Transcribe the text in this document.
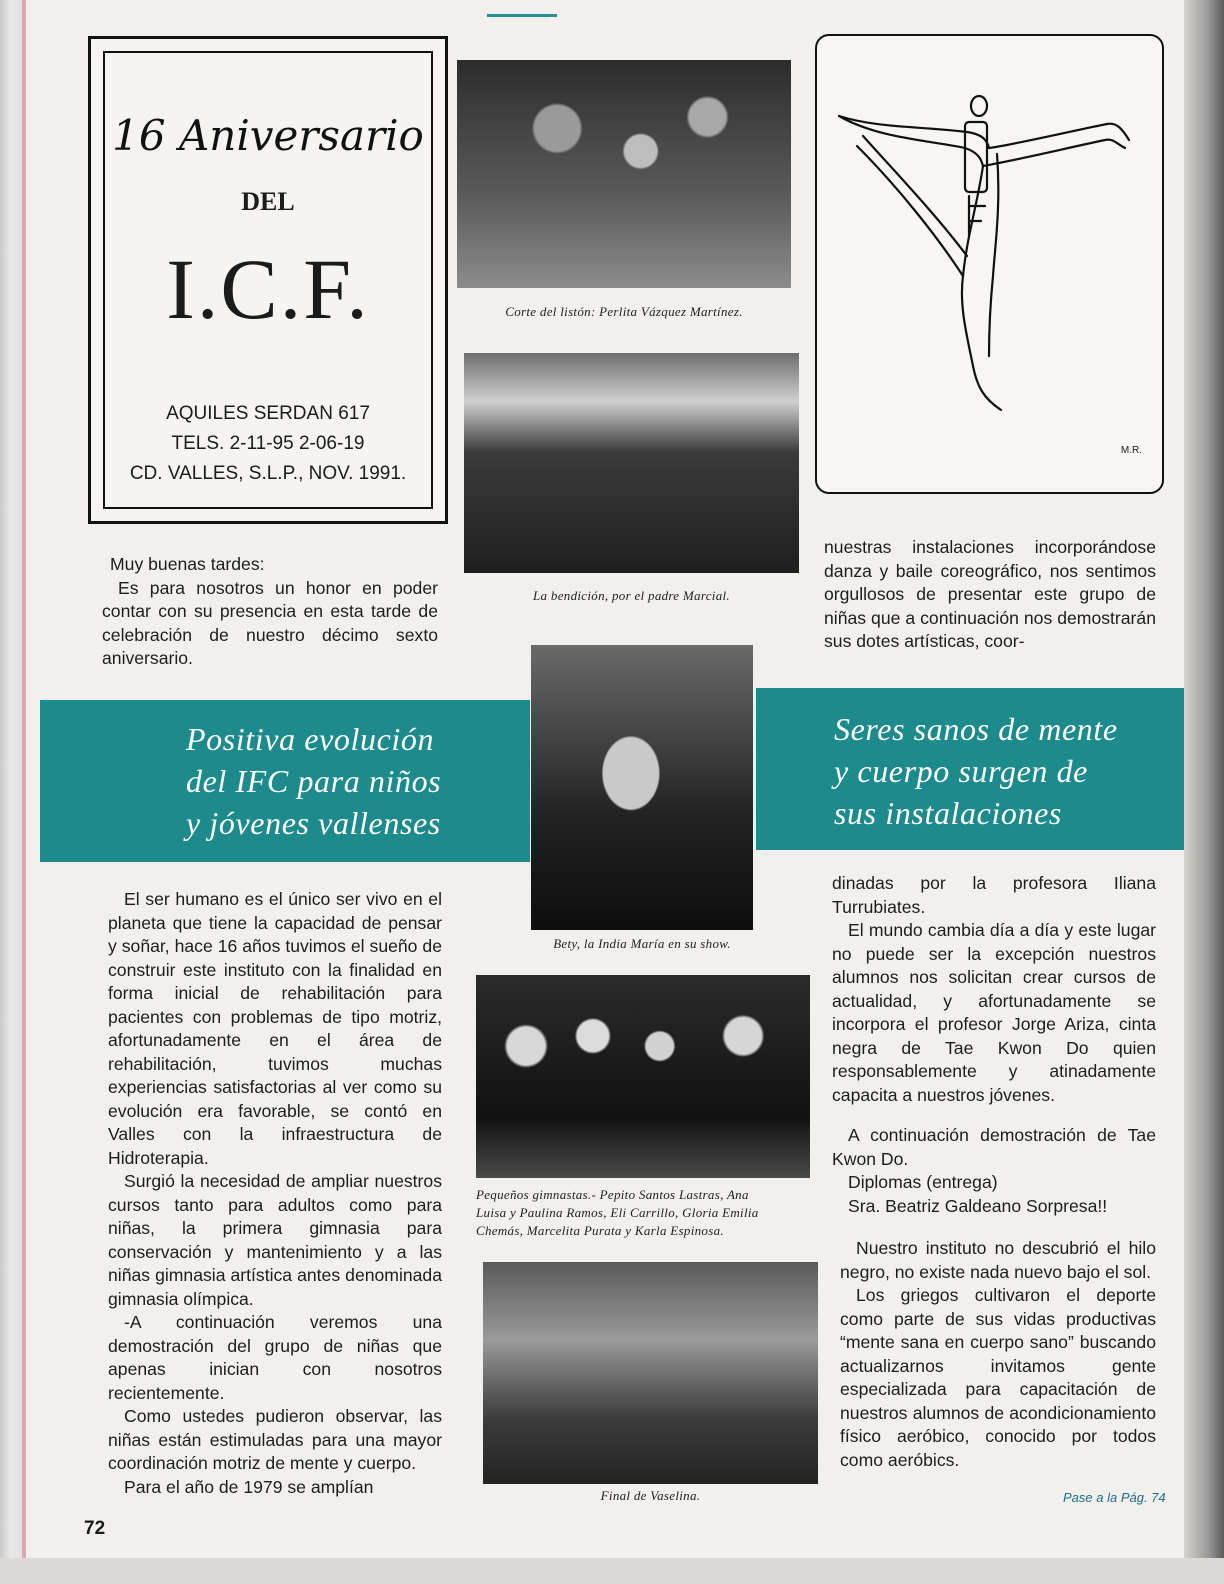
16 Aniversario
DEL
I.C.F.
AQUILES SERDAN 617
TELS. 2-11-95 2-06-19
CD. VALLES, S.L.P., NOV. 1991.
Corte del listón: Perlita Vázquez Martínez.
La bendición, por el padre Marcial.
Bety, la India María en su show.
Pequeños gimnastas.- Pepito Santos Lastras, Ana
Luisa y Paulina Ramos, Eli Carrillo, Gloria Emilia
Chemás, Marcelita Purata y Karla Espinosa.
Final de Vaselina.
M.R.

Muy buenas tardes:

Es para nosotros un honor en poder contar con su presencia en esta tarde de celebración de nuestro décimo sexto aniversario.

nuestras instalaciones incorporándose danza y baile coreográfico, nos sentimos orgullosos de presentar este grupo de niñas que a continuación nos demostrarán sus dotes artísticas, coor-

Positiva evolución
del IFC para niños
y jóvenes vallenses
Seres sanos de mente
y cuerpo surgen de
sus instalaciones

El ser humano es el único ser vivo en el planeta que tiene la capacidad de pensar y soñar, hace 16 años tuvimos el sueño de construir este instituto con la finalidad en forma inicial de rehabilitación para pacientes con problemas de tipo motriz, afortunadamente en el área de rehabilitación, tuvimos muchas experiencias satisfactorias al ver como su evolución era favorable, se contó en Valles con la infraestructura de Hidroterapia.

Surgió la necesidad de ampliar nuestros cursos tanto para adultos como para niñas, la primera gimnasia para conservación y mantenimiento y a las niñas gimnasia artística antes denominada gimnasia olímpica.

-A continuación veremos una demostración del grupo de niñas que apenas inician con nosotros recientemente.

Como ustedes pudieron observar, las niñas están estimuladas para una mayor coordinación motriz de mente y cuerpo.

Para el año de 1979 se amplían

dinadas por la profesora Iliana Turrubiates.

El mundo cambia día a día y este lugar no puede ser la excepción nuestros alumnos nos solicitan crear cursos de actualidad, y afortunadamente se incorpora el profesor Jorge Ariza, cinta negra de Tae Kwon Do quien responsablemente y atinadamente capacita a nuestros jóvenes.

A continuación demostración de Tae Kwon Do.

Diplomas (entrega)

Sra. Beatriz Galdeano Sorpresa!!

Nuestro instituto no descubrió el hilo negro, no existe nada nuevo bajo el sol.

Los griegos cultivaron el deporte como parte de sus vidas productivas “mente sana en cuerpo sano” buscando actualizarnos invitamos gente especializada para capacitación de nuestros alumnos de acondicionamiento físico aeróbico, conocido por todos como aeróbics.

Pase a la Pág. 74
72
